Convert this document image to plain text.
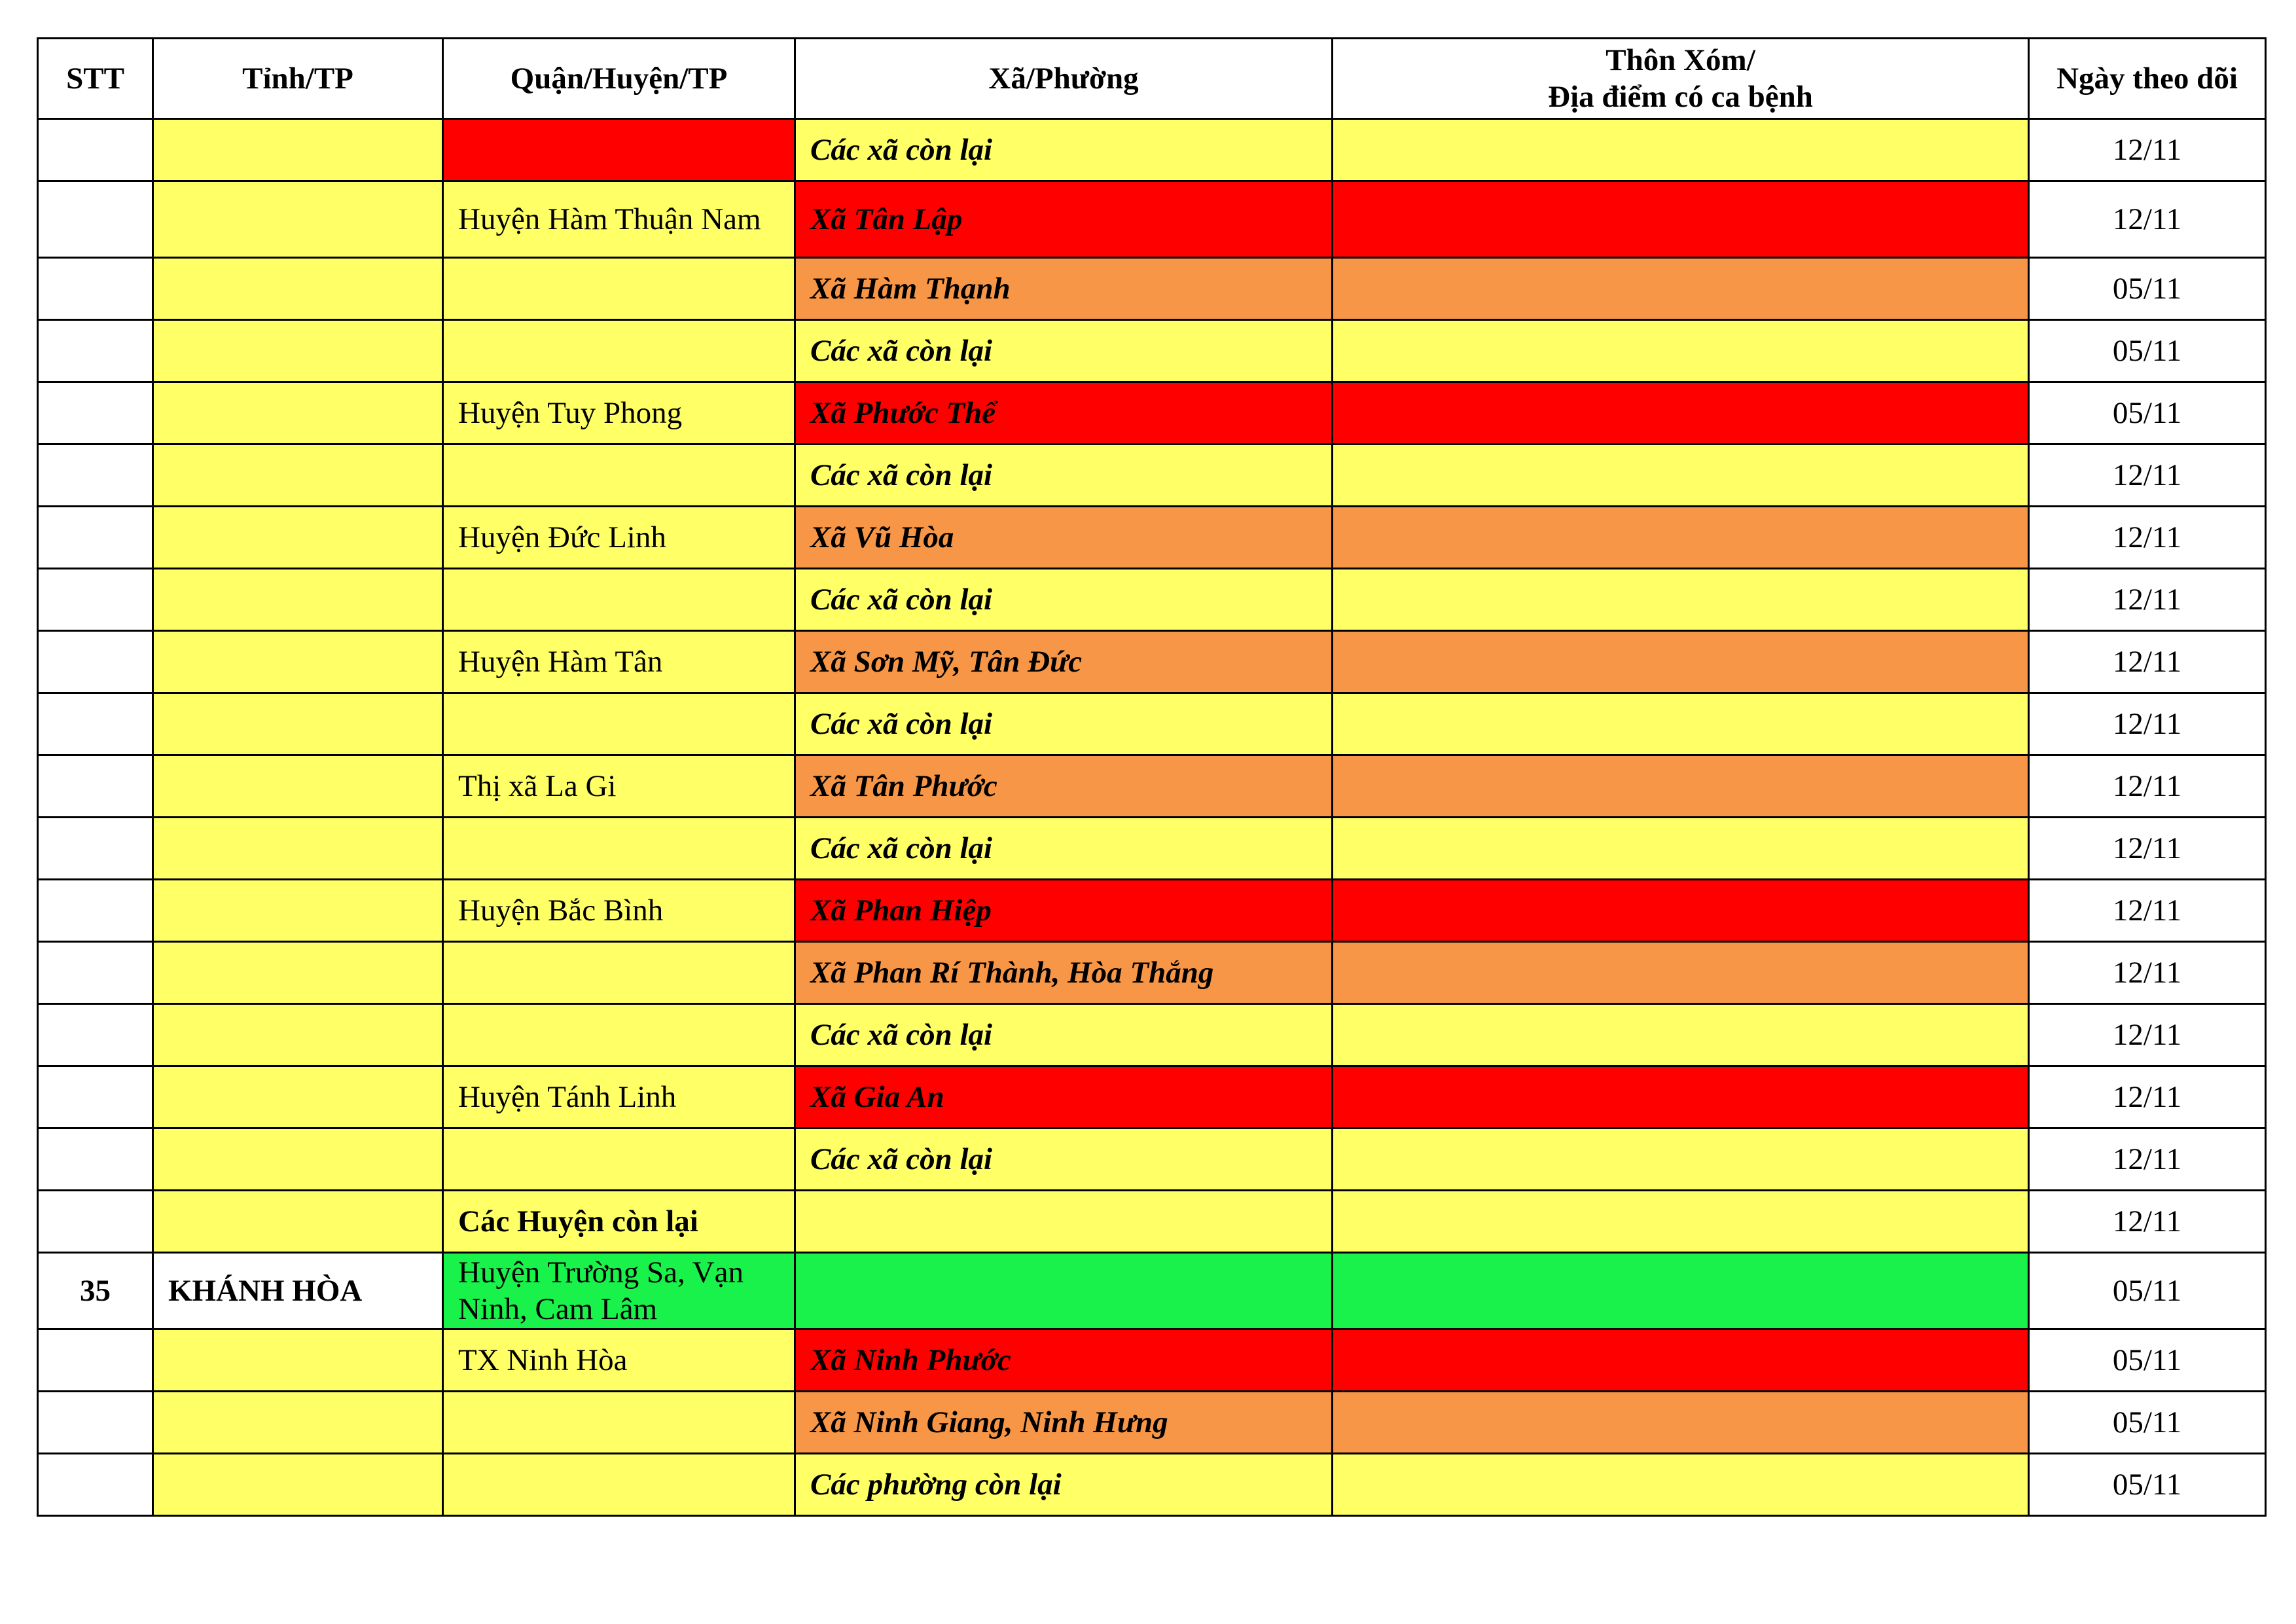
STT	Tỉnh/TP	Quận/Huyện/TP	Xã/Phường	Thôn Xóm/
Địa điểm có ca bệnh	Ngày theo dõi
			Các xã còn lại		12/11
		Huyện Hàm Thuận Nam	Xã Tân Lập		12/11
			Xã Hàm Thạnh		05/11
			Các xã còn lại		05/11
		Huyện Tuy Phong	Xã Phước Thể		05/11
			Các xã còn lại		12/11
		Huyện Đức Linh	Xã Vũ Hòa		12/11
			Các xã còn lại		12/11
		Huyện Hàm Tân	Xã Sơn Mỹ, Tân Đức		12/11
			Các xã còn lại		12/11
		Thị xã La Gi	Xã Tân Phước		12/11
			Các xã còn lại		12/11
		Huyện Bắc Bình	Xã Phan Hiệp		12/11
			Xã Phan Rí Thành, Hòa Thắng		12/11
			Các xã còn lại		12/11
		Huyện Tánh Linh	Xã Gia An		12/11
			Các xã còn lại		12/11
		Các Huyện còn lại			12/11
35	KHÁNH HÒA	Huyện Trường Sa, Vạn Ninh, Cam Lâm			05/11
		TX Ninh Hòa	Xã Ninh Phước		05/11
			Xã Ninh Giang, Ninh Hưng		05/11
			Các phường còn lại		05/11
